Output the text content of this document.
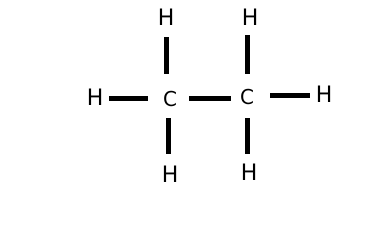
H	C	C	H
H	H
H	H
